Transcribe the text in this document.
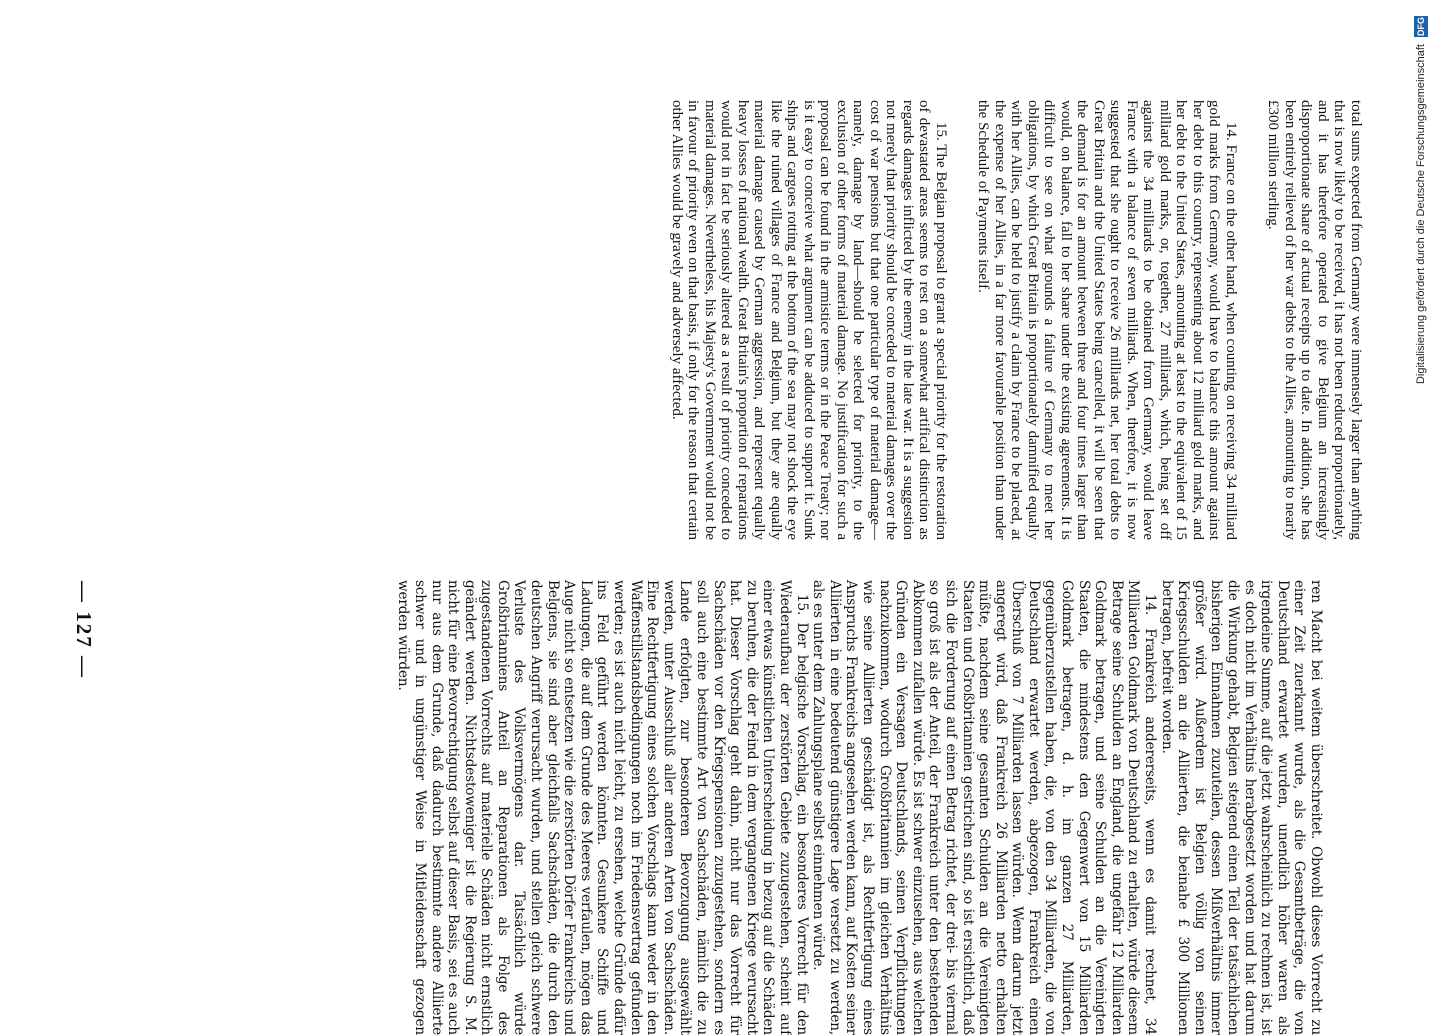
— 127 —

total sums expected from Germany were immensely larger than anything that is now likely to be received, it has not been reduced proportionately, and it has therefore operated to give Belgium an increasingly disproportionate share of actual receipts up to date. In addition, she has been entirely relieved of her war debts to the Allies, amounting to nearly £300 million sterling.

14. France on the other hand, when counting on receiving 34 milliard gold marks from Germany, would have to balance this amount against her debt to this country, representing about 12 milliard gold marks, and her debt to the United States, amounting at least to the equivalent of 15 milliard gold marks, or, together, 27 milliards, which, being set off against the 34 milliards to be obtained from Germany, would leave France with a balance of seven milliards. When, therefore, it is now suggested that she ought to receive 26 milliards net, her total debts to Great Britain and the United States being cancelled, it will be seen that the demand is for an amount between three and four times larger than would, on balance, fall to her share under the existing agreements. It is difficult to see on what grounds a failure of Germany to meet her obligations, by which Great Britain is proportionately damnified equally with her Allies, can be held to justify a claim by France to be placed, at the expense of her Allies, in a far more favourable position than under the Schedule of Payments itself.

15. The Belgian proposal to grant a special priority for the restoration of devastated areas seems to rest on a somewhat artifical distinction as regards damages inflicted by the enemy in the late war. It is a suggestion not merely that priority should be conceded to material damages over the cost of war pensions but that one particular type of material damage—namely, damage by land—should be selected for priority, to the exclusion of other forms of material damage. No justification for such a proposal can be found in the armistice terms or in the Peace Treaty; nor is it easy to conceive what argument can be adduced to support it. Sunk ships and cargoes rotting at the bottom of the sea may not shock the eye like the ruined villages of France and Belgium, but they are equally material damage caused by German aggression, and represent equally heavy losses of national wealth. Great Britain's proportion of reparations would not in fact be seriously altered as a result of priority conceded to material damages. Nevertheless, his Majesty's Government would not be in favour of priority even on that basis, if only for the reason that certain other Allies would be gravely and adversely affected.

ren Macht bei weitem überschreitet. Obwohl dieses Vorrecht zu einer Zeit zuerkannt wurde, als die Gesamtbeträge, die von Deutschland erwartet wurden, unendlich höher waren als irgendeine Summe, auf die jetzt wahrscheinlich zu rechnen ist, ist es doch nicht im Verhältnis herabgesetzt worden und hat darum die Wirkung gehabt, Belgien steigend einen Teil der tatsächlichen bisherigen Einnahmen zuzuteilen, dessen Mißverhältnis immer größer wird. Außerdem ist Belgien völlig von seinen Kriegsschulden an die Alliierten, die beinahe £ 300 Millionen betragen, befreit worden.

14. Frankreich andererseits, wenn es damit rechnet, 34 Milliarden Goldmark von Deutschland zu erhalten, würde diesem Betrage seine Schulden an England, die ungefähr 12 Milliarden Goldmark betragen, und seine Schulden an die Vereinigten Staaten, die mindestens den Gegenwert von 15 Milliarden Goldmark betragen, d. h. im ganzen 27 Milliarden, gegenüberzustellen haben, die, von den 34 Milliarden, die von Deutschland erwartet werden, abgezogen, Frankreich einen Überschuß von 7 Milliarden lassen würden. Wenn darum jetzt angeregt wird, daß Frankreich 26 Milliarden netto erhalten müßte, nachdem seine gesamten Schulden an die Vereinigten Staaten und Großbritannien gestrichen sind, so ist ersichtlich, daß sich die Forderung auf einen Betrag richtet, der drei- bis viermal so groß ist als der Anteil, der Frankreich unter den bestehenden Abkommen zufallen würde. Es ist schwer einzusehen, aus welchen Gründen ein Versagen Deutschlands, seinen Verpflichtungen nachzukommen, wodurch Großbritannien im gleichen Verhältnis wie seine Alliierten geschädigt ist, als Rechtfertigung eines Anspruchs Frankreichs angesehen werden kann, auf Kosten seiner Alliierten in eine bedeutend günstigere Lage versetzt zu werden, als es unter dem Zahlungsplane selbst einnehmen würde.

15. Der belgische Vorschlag, ein besonderes Vorrecht für den Wiederaufbau der zerstörten Gebiete zuzugestehen, scheint auf einer etwas künstlichen Unterscheidung in bezug auf die Schäden zu beruhen, die der Feind in dem vergangenen Kriege verursacht hat. Dieser Vorschlag geht dahin, nicht nur das Vorrecht für Sachschäden vor den Kriegspensionen zuzugestehen, sondern es soll auch eine bestimmte Art von Sachschäden, nämlich die zu Lande erfolgten, zur besonderen Bevorzugung ausgewählt werden, unter Ausschluß aller anderen Arten von Sachschäden. Eine Rechtfertigung eines solchen Vorschlags kann weder in den Waffenstillstandsbedingungen noch im Friedensvertrag gefunden werden; es ist auch nicht leicht, zu ersehen, welche Gründe dafür ins Feld geführt werden könnten. Gesunkene Schiffe und Ladungen, die auf dem Grunde des Meeres verfaulen, mögen das Auge nicht so entsetzen wie die zerstörten Dörfer Frankreichs und Belgiens, sie sind aber gleichfalls Sachschäden, die durch den deutschen Angriff verursacht wurden, und stellen gleich schwere Verluste des Volksvermögens dar. Tatsächlich würde Großbritanniens Anteil an Reparationen als Folge des zugestandenen Vorrechts auf materielle Schäden nicht ernstlich geändert werden. Nichtsdestoweniger ist die Regierung S. M. nicht für eine Bevorrechtigung selbst auf dieser Basis, sei es auch nur aus dem Grunde, daß dadurch bestimmte andere Alliierte schwer und in ungünstiger Weise in Mitleidenschaft gezogen werden würden.

Digitalisierung gefördert durch die Deutsche Forschungsgemeinschaft DFG
